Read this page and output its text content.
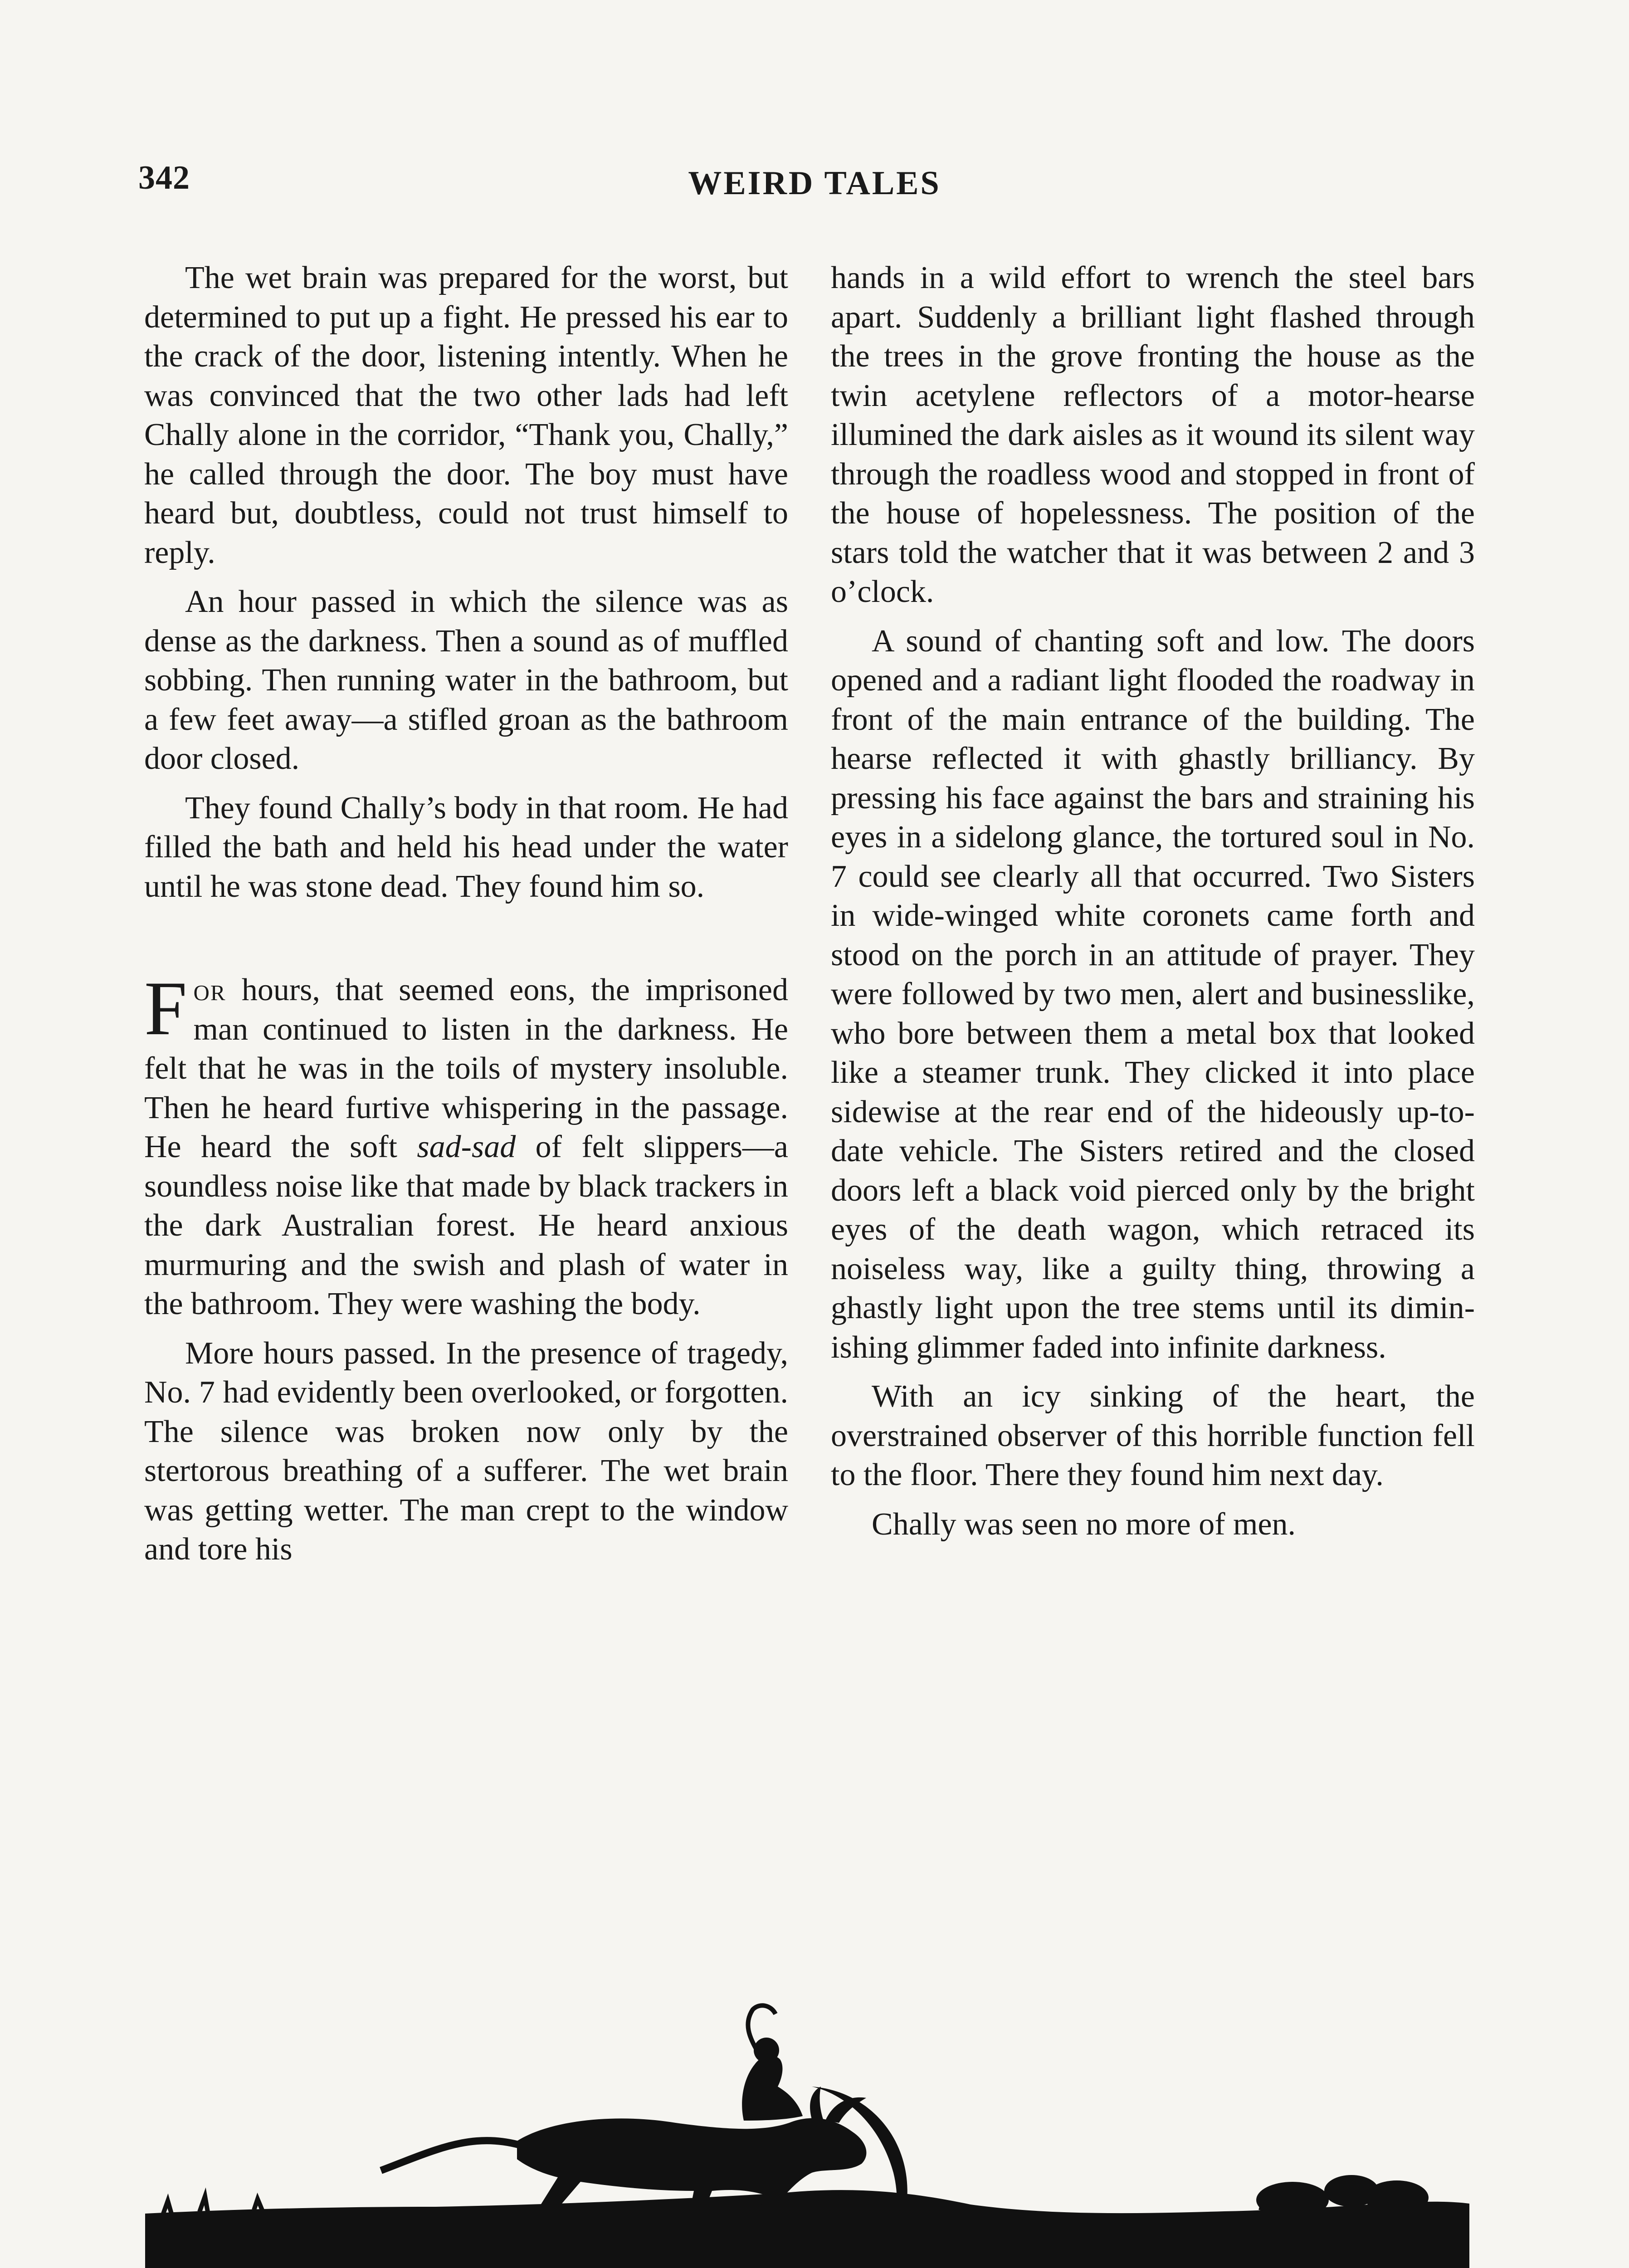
342	WEIRD TALES

The wet brain was prepared for the worst, but determined to put up a fight. He pressed his ear to the crack of the door, listening intently. When he was convinced that the two other lads had left Chally alone in the corridor, “Thank you, Chally,” he called through the door. The boy must have heard but, doubtless, could not trust himself to reply.

An hour passed in which the silence was as dense as the darkness. Then a sound as of muffled sobbing. Then running water in the bathroom, but a few feet away—a stifled groan as the bathroom door closed.

They found Chally’s body in that room. He had filled the bath and held his head under the water until he was stone dead. They found him so.

For hours, that seemed eons, the imprisoned man continued to listen in the darkness. He felt that he was in the toils of mystery insoluble. Then he heard furtive whispering in the passage. He heard the soft sad-sad of felt slippers—a soundless noise like that made by black trackers in the dark Australian forest. He heard anxious murmuring and the swish and plash of water in the bathroom. They were washing the body.

More hours passed. In the presence of tragedy, No. 7 had evidently been overlooked, or forgotten. The silence was broken now only by the stertorous breathing of a sufferer. The wet brain was getting wetter. The man crept to the window and tore his

hands in a wild effort to wrench the steel bars apart. Suddenly a brilliant light flashed through the trees in the grove fronting the house as the twin acetylene reflectors of a motor-hearse illumined the dark aisles as it wound its silent way through the roadless wood and stopped in front of the house of hopelessness. The position of the stars told the watcher that it was between 2 and 3 o’clock.

A sound of chanting soft and low. The doors opened and a radiant light flooded the roadway in front of the main entrance of the building. The hearse reflected it with ghastly brilliancy. By pressing his face against the bars and straining his eyes in a sidelong glance, the tortured soul in No. 7 could see clearly all that occurred. Two Sisters in wide-winged white coronets came forth and stood on the porch in an attitude of prayer. They were followed by two men, alert and businesslike, who bore between them a metal box that looked like a steamer trunk. They clicked it into place sidewise at the rear end of the hideously up-to-date vehicle. The Sisters retired and the closed doors left a black void pierced only by the bright eyes of the death wagon, which retraced its noiseless way, like a guilty thing, throwing a ghastly light upon the tree stems until its diminishing glimmer faded into infinite darkness.

With an icy sinking of the heart, the overstrained observer of this horrible function fell to the floor. There they found him next day.

Chally was seen no more of men.
